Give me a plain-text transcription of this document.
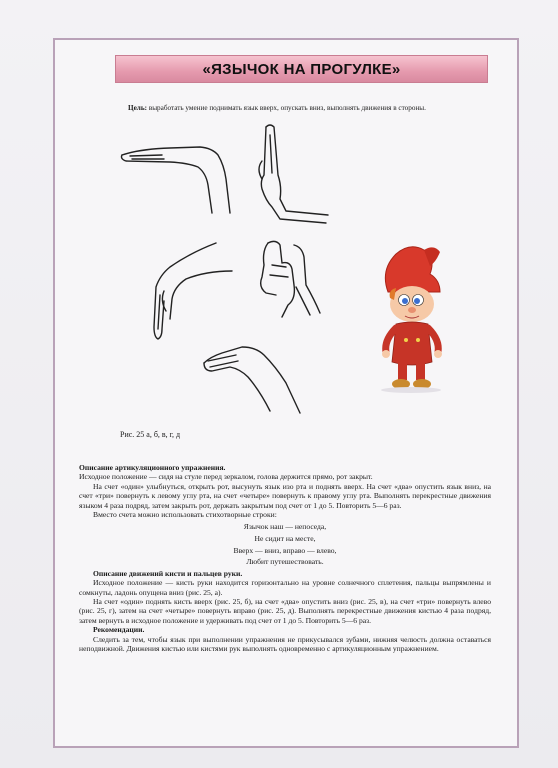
«ЯЗЫЧОК НА ПРОГУЛКЕ»
Цель: выработать умение поднимать язык вверх, опускать вниз, выполнять движения в стороны.
Рис. 25 а, б, в, г, д

Описание артикуляционного упражнения.

Исходное положение — сидя на стуле перед зеркалом, голова держится прямо, рот закрыт.

На счет «один» улыбнуться, открыть рот, высунуть язык изо рта и поднять вверх. На счет «два» опустить язык вниз, на счет «три» повернуть к левому углу рта, на счет «четыре» повернуть к правому углу рта. Выполнять перекрестные движения языком 4 раза подряд, затем закрыть рот, держать закрытым под счет от 1 до 5. Повторить 5—6 раз.

Вместо счета можно использовать стихотворные строки:

Язычок наш — непоседа,
Не сидит на месте,
Вверх — вниз, вправо — влево,
Любит путешествовать.

Описание движений кисти и пальцев руки.

Исходное положение — кисть руки находится горизонтально на уровне солнечного сплетения, пальцы выпрямлены и сомкнуты, ладонь опущена вниз (рис. 25, а).

На счет «один» поднять кисть вверх (рис. 25, б), на счет «два» опустить вниз (рис. 25, в), на счет «три» повернуть влево (рис. 25, г), затем на счет «четыре» повернуть вправо (рис. 25, д). Выполнять перекрестные движения кистью 4 раза подряд, затем вернуть в исходное положение и удерживать под счет от 1 до 5. Повторить 5—6 раз.

Рекомендации.

Следить за тем, чтобы язык при выполнении упражнения не прикусывался зубами, нижняя челюсть должна оставаться неподвижной. Движения кистью или кистями рук выполнять одновременно с артикуляционным упражнением.
